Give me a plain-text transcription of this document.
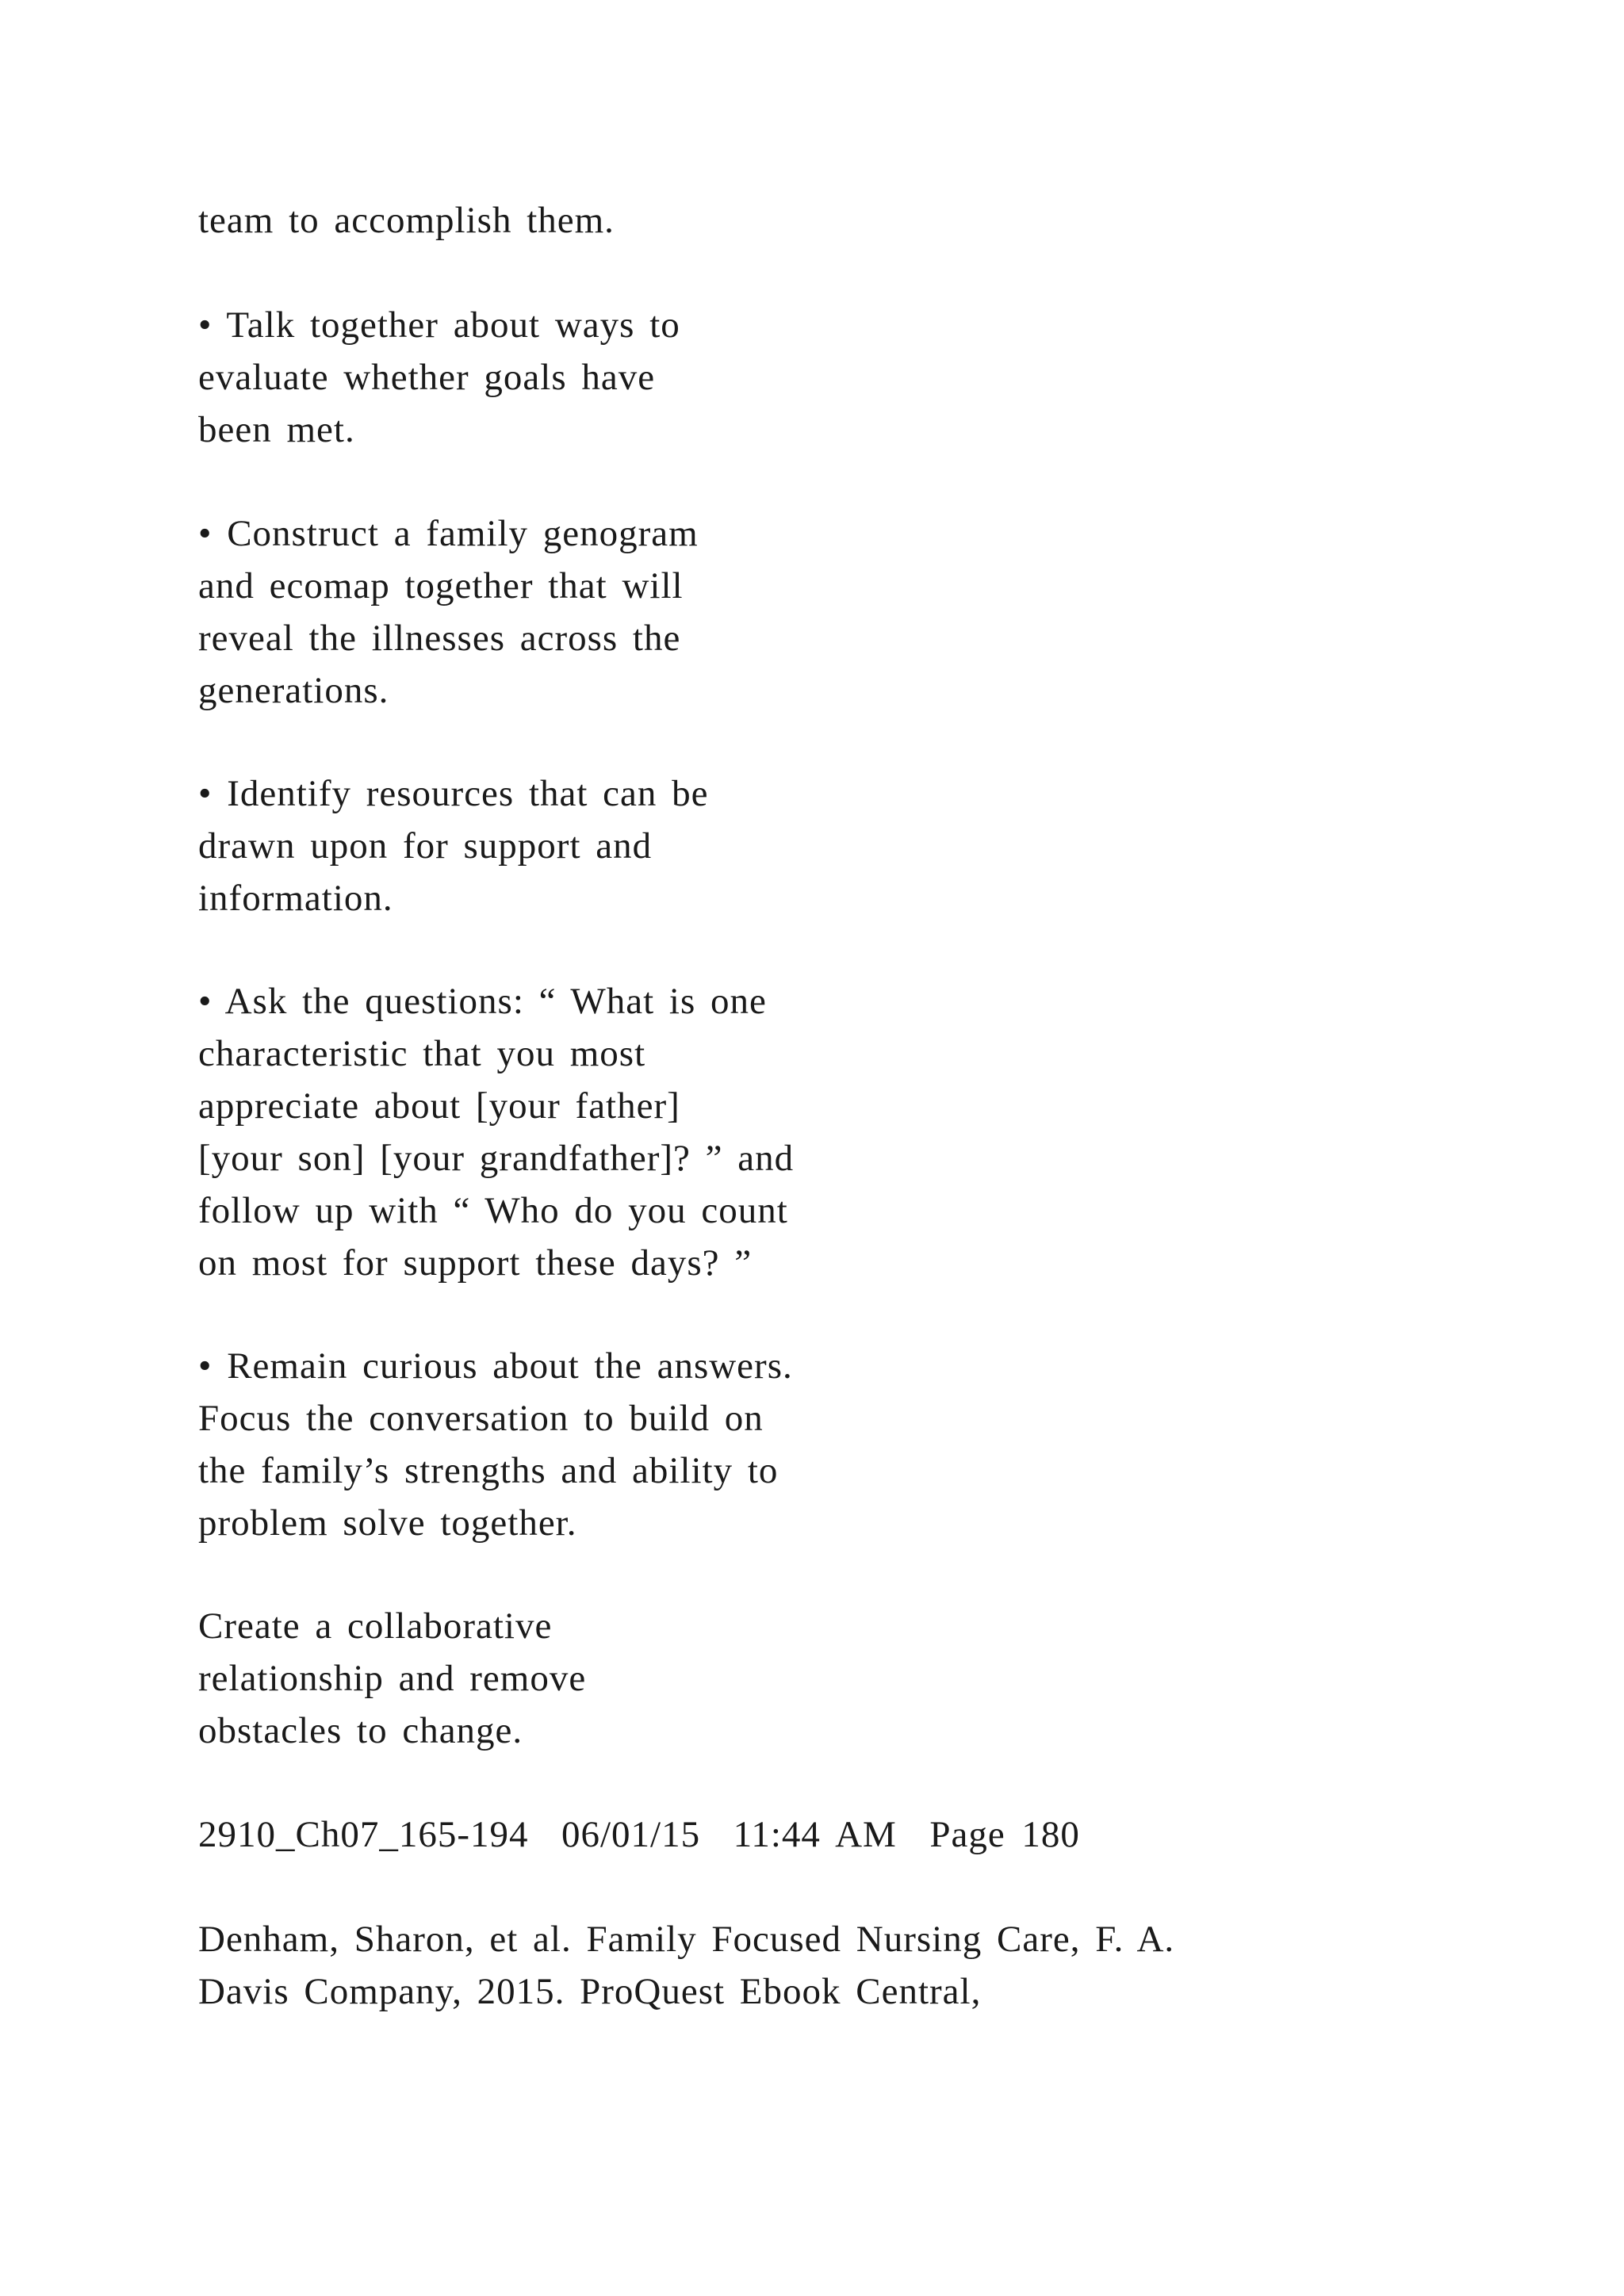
team to accomplish them.

• Talk together about ways to
evaluate whether goals have
been met.

• Construct a family genogram
and ecomap together that will
reveal the illnesses across the
generations.

• Identify resources that can be
drawn upon for support and
information.

• Ask the questions: “ What is one
characteristic that you most
appreciate about [your father]
[your son] [your grandfather]? ” and
follow up with “ Who do you count
on most for support these days? ”

• Remain curious about the answers.
Focus the conversation to build on
the family’s strengths and ability to
problem solve together.

Create a collaborative
relationship and remove
obstacles to change.

2910_Ch07_165-194  06/01/15  11:44 AM  Page 180

Denham, Sharon, et al. Family Focused Nursing Care, F. A.
Davis Company, 2015. ProQuest Ebook Central,
